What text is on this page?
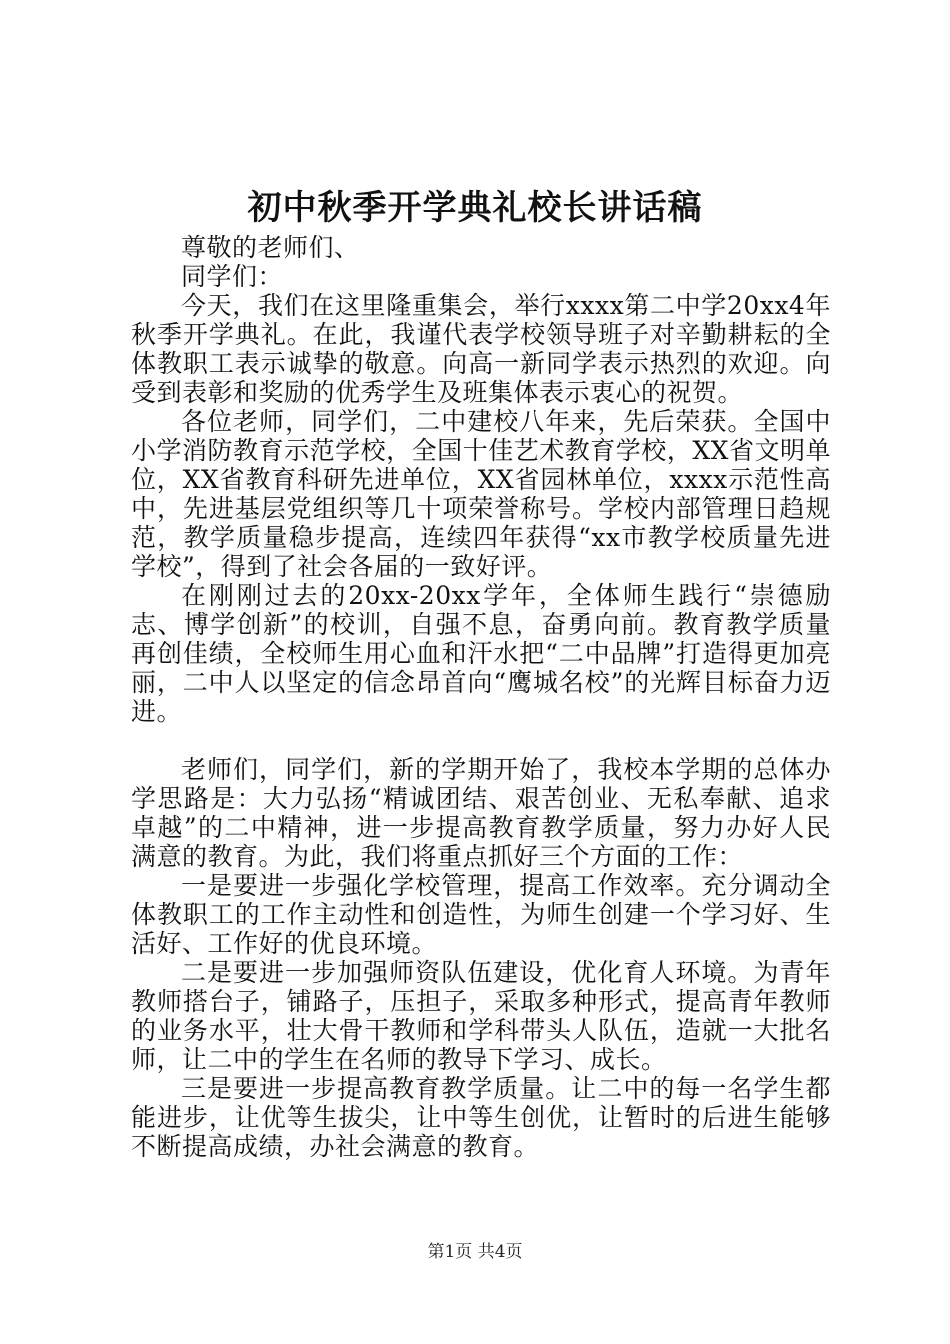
初中秋季开学典礼校长讲话稿

尊敬的老师们、

同学们：

今天，我们在这里隆重集会，举行xxxx第二中学20xx4年秋季开学典礼。在此，我谨代表学校领导班子对辛勤耕耘的全体教职工表示诚挚的敬意。向高一新同学表示热烈的欢迎。向受到表彰和奖励的优秀学生及班集体表示衷心的祝贺。

各位老师，同学们，二中建校八年来，先后荣获。全国中小学消防教育示范学校，全国十佳艺术教育学校，XX省文明单位，XX省教育科研先进单位，XX省园林单位，xxxx示范性高中，先进基层党组织等几十项荣誉称号。学校内部管理日趋规范，教学质量稳步提高，连续四年获得“xx市教学校质量先进学校”，得到了社会各届的一致好评。

在刚刚过去的20xx-20xx学年，全体师生践行“崇德励志、博学创新”的校训，自强不息，奋勇向前。教育教学质量再创佳绩，全校师生用心血和汗水把“二中品牌”打造得更加亮丽，二中人以坚定的信念昂首向“鹰城名校”的光辉目标奋力迈进。

老师们，同学们，新的学期开始了，我校本学期的总体办学思路是：大力弘扬“精诚团结、艰苦创业、无私奉献、追求卓越”的二中精神，进一步提高教育教学质量，努力办好人民满意的教育。为此，我们将重点抓好三个方面的工作：

一是要进一步强化学校管理，提高工作效率。充分调动全体教职工的工作主动性和创造性，为师生创建一个学习好、生活好、工作好的优良环境。

二是要进一步加强师资队伍建设，优化育人环境。为青年教师搭台子，铺路子，压担子，采取多种形式，提高青年教师的业务水平，壮大骨干教师和学科带头人队伍，造就一大批名师，让二中的学生在名师的教导下学习、成长。

三是要进一步提高教育教学质量。让二中的每一名学生都能进步，让优等生拔尖，让中等生创优，让暂时的后进生能够不断提高成绩，办社会满意的教育。

第1页 共4页
